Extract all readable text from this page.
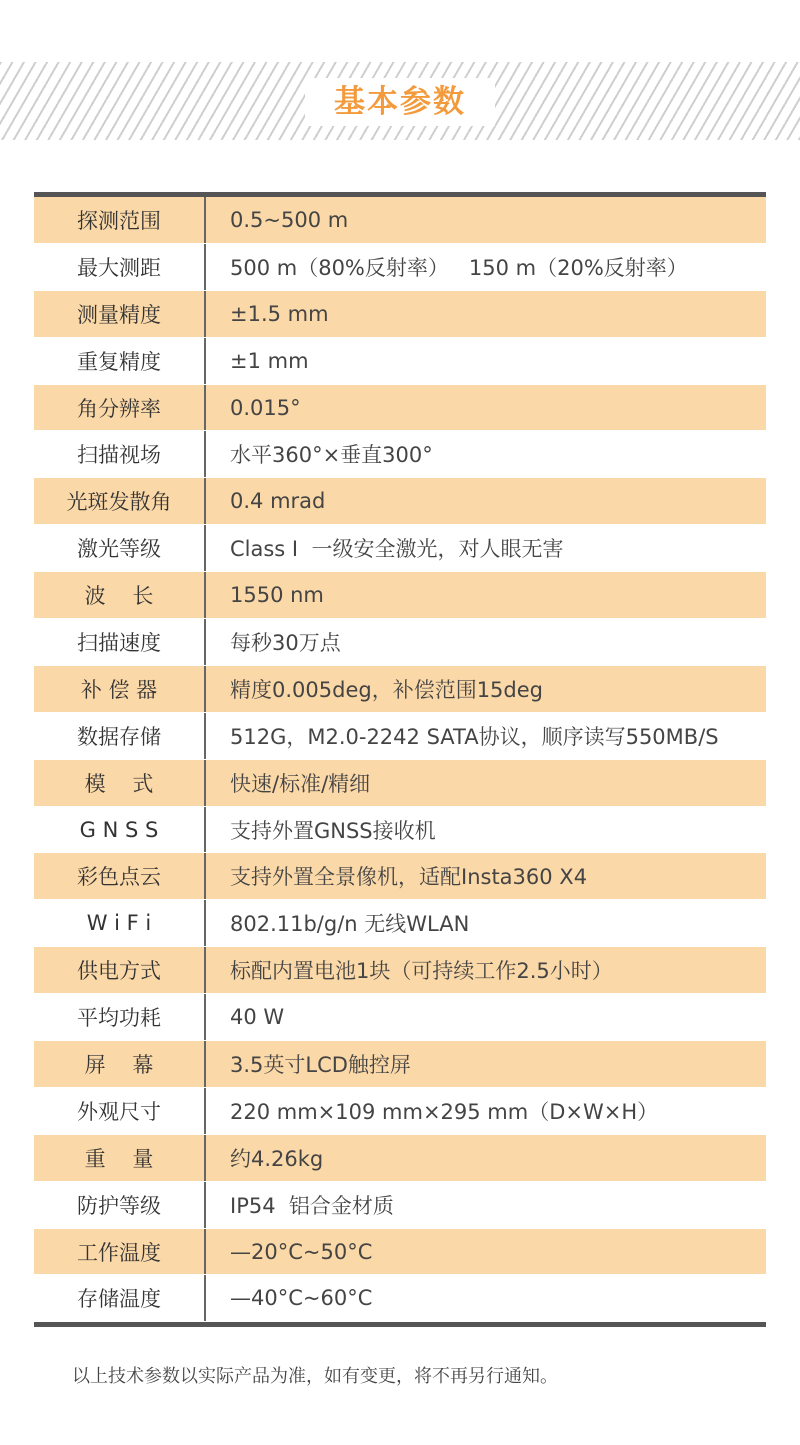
基本参数
探测范围	0.5~500 m
最大测距	500 m（80%反射率）   150 m（20%反射率）
测量精度	±1.5 mm
重复精度	±1 mm
角分辨率	0.015°
扫描视场	水平360°×垂直300°
光斑发散角	0.4 mrad
激光等级	Class Ⅰ  一级安全激光，对人眼无害
波    长	1550 nm
扫描速度	每秒30万点
补 偿 器	精度0.005deg，补偿范围15deg
数据存储	512G，M2.0-2242 SATA协议，顺序读写550MB/S
模    式	快速/标准/精细
G N S S	支持外置GNSS接收机
彩色点云	支持外置全景像机，适配Insta360 X4
W i F i	802.11b/g/n 无线WLAN
供电方式	标配内置电池1块（可持续工作2.5小时）
平均功耗	40 W
屏    幕	3.5英寸LCD触控屏
外观尺寸	220 mm×109 mm×295 mm（D×W×H）
重    量	约4.26kg
防护等级	IP54  铝合金材质
工作温度	—20°C~50°C
存储温度	—40°C~60°C
以上技术参数以实际产品为准，如有变更，将不再另行通知。
